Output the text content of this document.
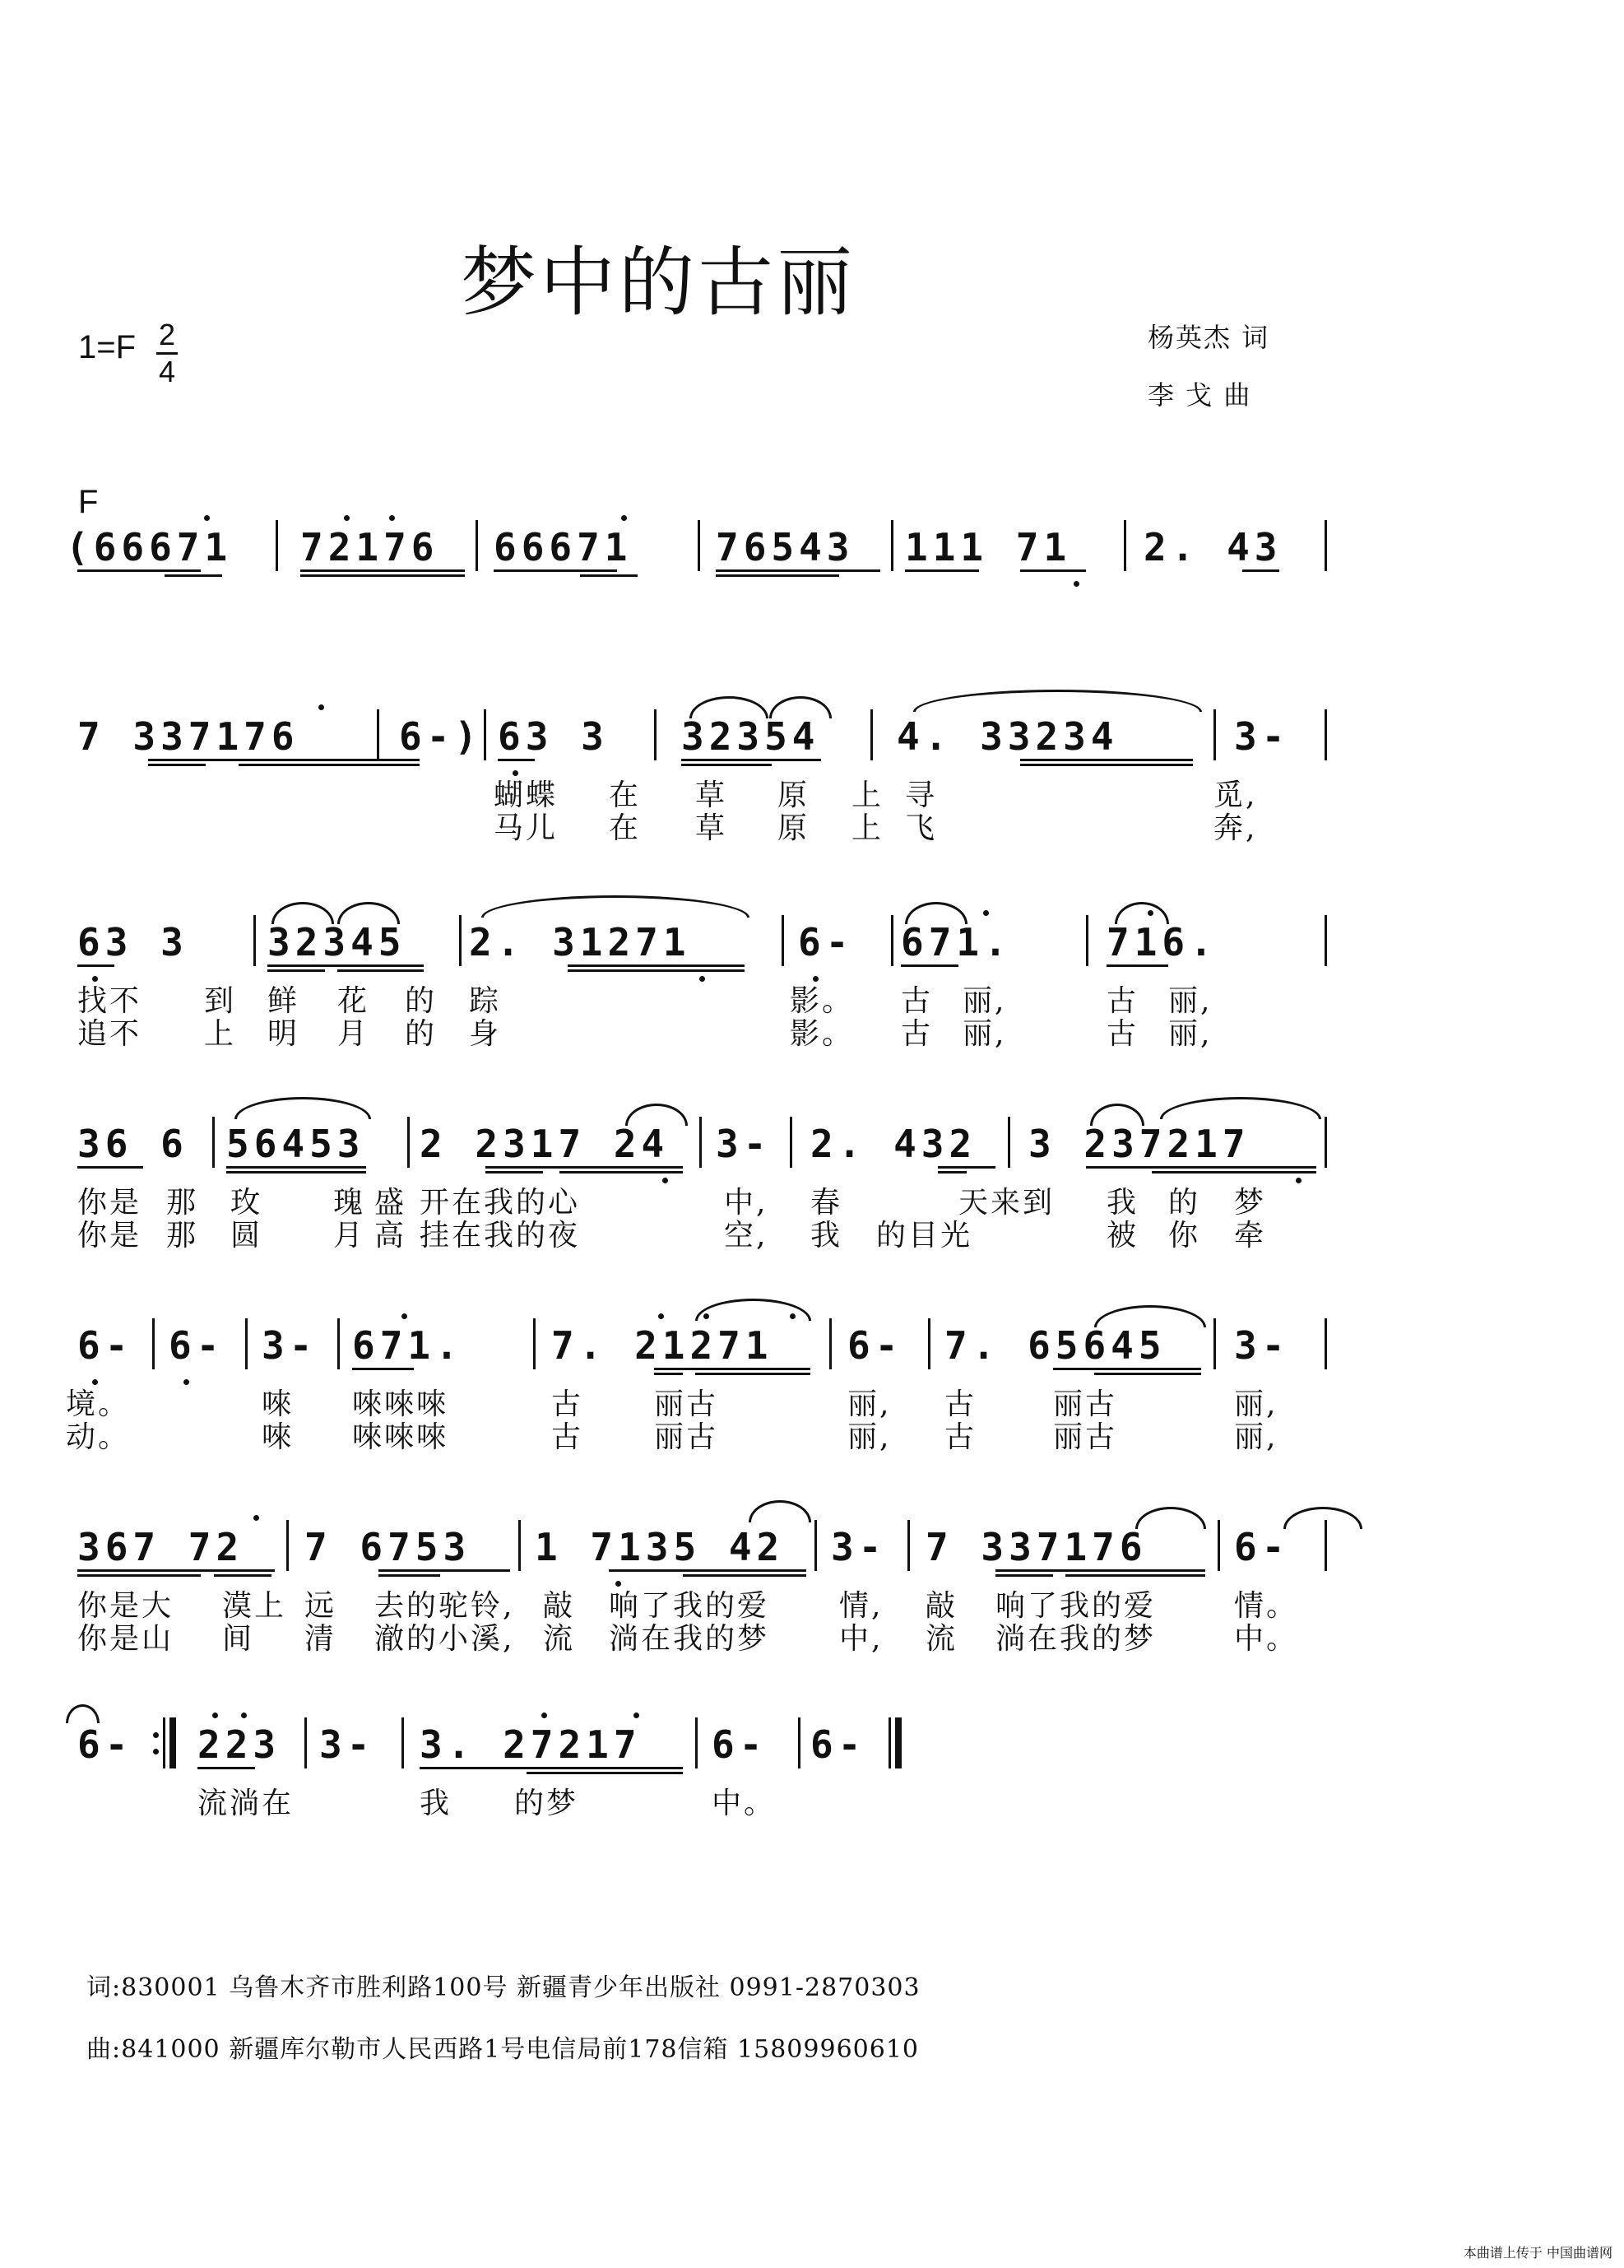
梦中的古丽
1=F 2
4
杨英杰 词
李 戈 曲
F
(66671 72176 66671 76543 111 71 2. 43
7 337176	6-) 63 3 32354 4. 33234	3-
蝴蝶 在 草 原 上 寻	觅,
马儿 在 草 原 上 飞	奔,
63 3 32345 2. 31271	6- 671.	716.
找不 到 鲜 花 的 踪	影。 古 丽,	古 丽,
追不 上 明 月 的 身	影。 古 丽,	古 丽,
36 6 56453 2 2317 24 3- 2. 432 3 237217
你是 那 玫 瑰 盛 开在我的心	中, 春	天来到 我 的 梦
你是 那 圆 月 高 挂在我的夜	空, 我 的目光	被 你 牵
6- 6- 3- 671. 7. 21271 6- 7. 65645 3-
境。	唻 唻唻唻	古 丽古	丽, 古	丽古	丽,
动。	唻 唻唻唻	古 丽古	丽, 古	丽古	丽,
367 72 7 6753 1 7135 42 3- 7 337176 6-
你是大 漠上 远 去的驼铃, 敲 响了我的爱 情, 敲 响了我的爱	情。
你是山 间 清 澈的小溪, 流 淌在我的梦 中, 流 淌在我的梦	中。
6- 223 3- 3. 27217 6- 6-
流淌在	我 的梦	中。
词:830001 乌鲁木齐市胜利路100号 新疆青少年出版社 0991-2870303
曲:841000 新疆库尔勒市人民西路1号电信局前178信箱 15809960610
本曲谱上传于 中国曲谱网
